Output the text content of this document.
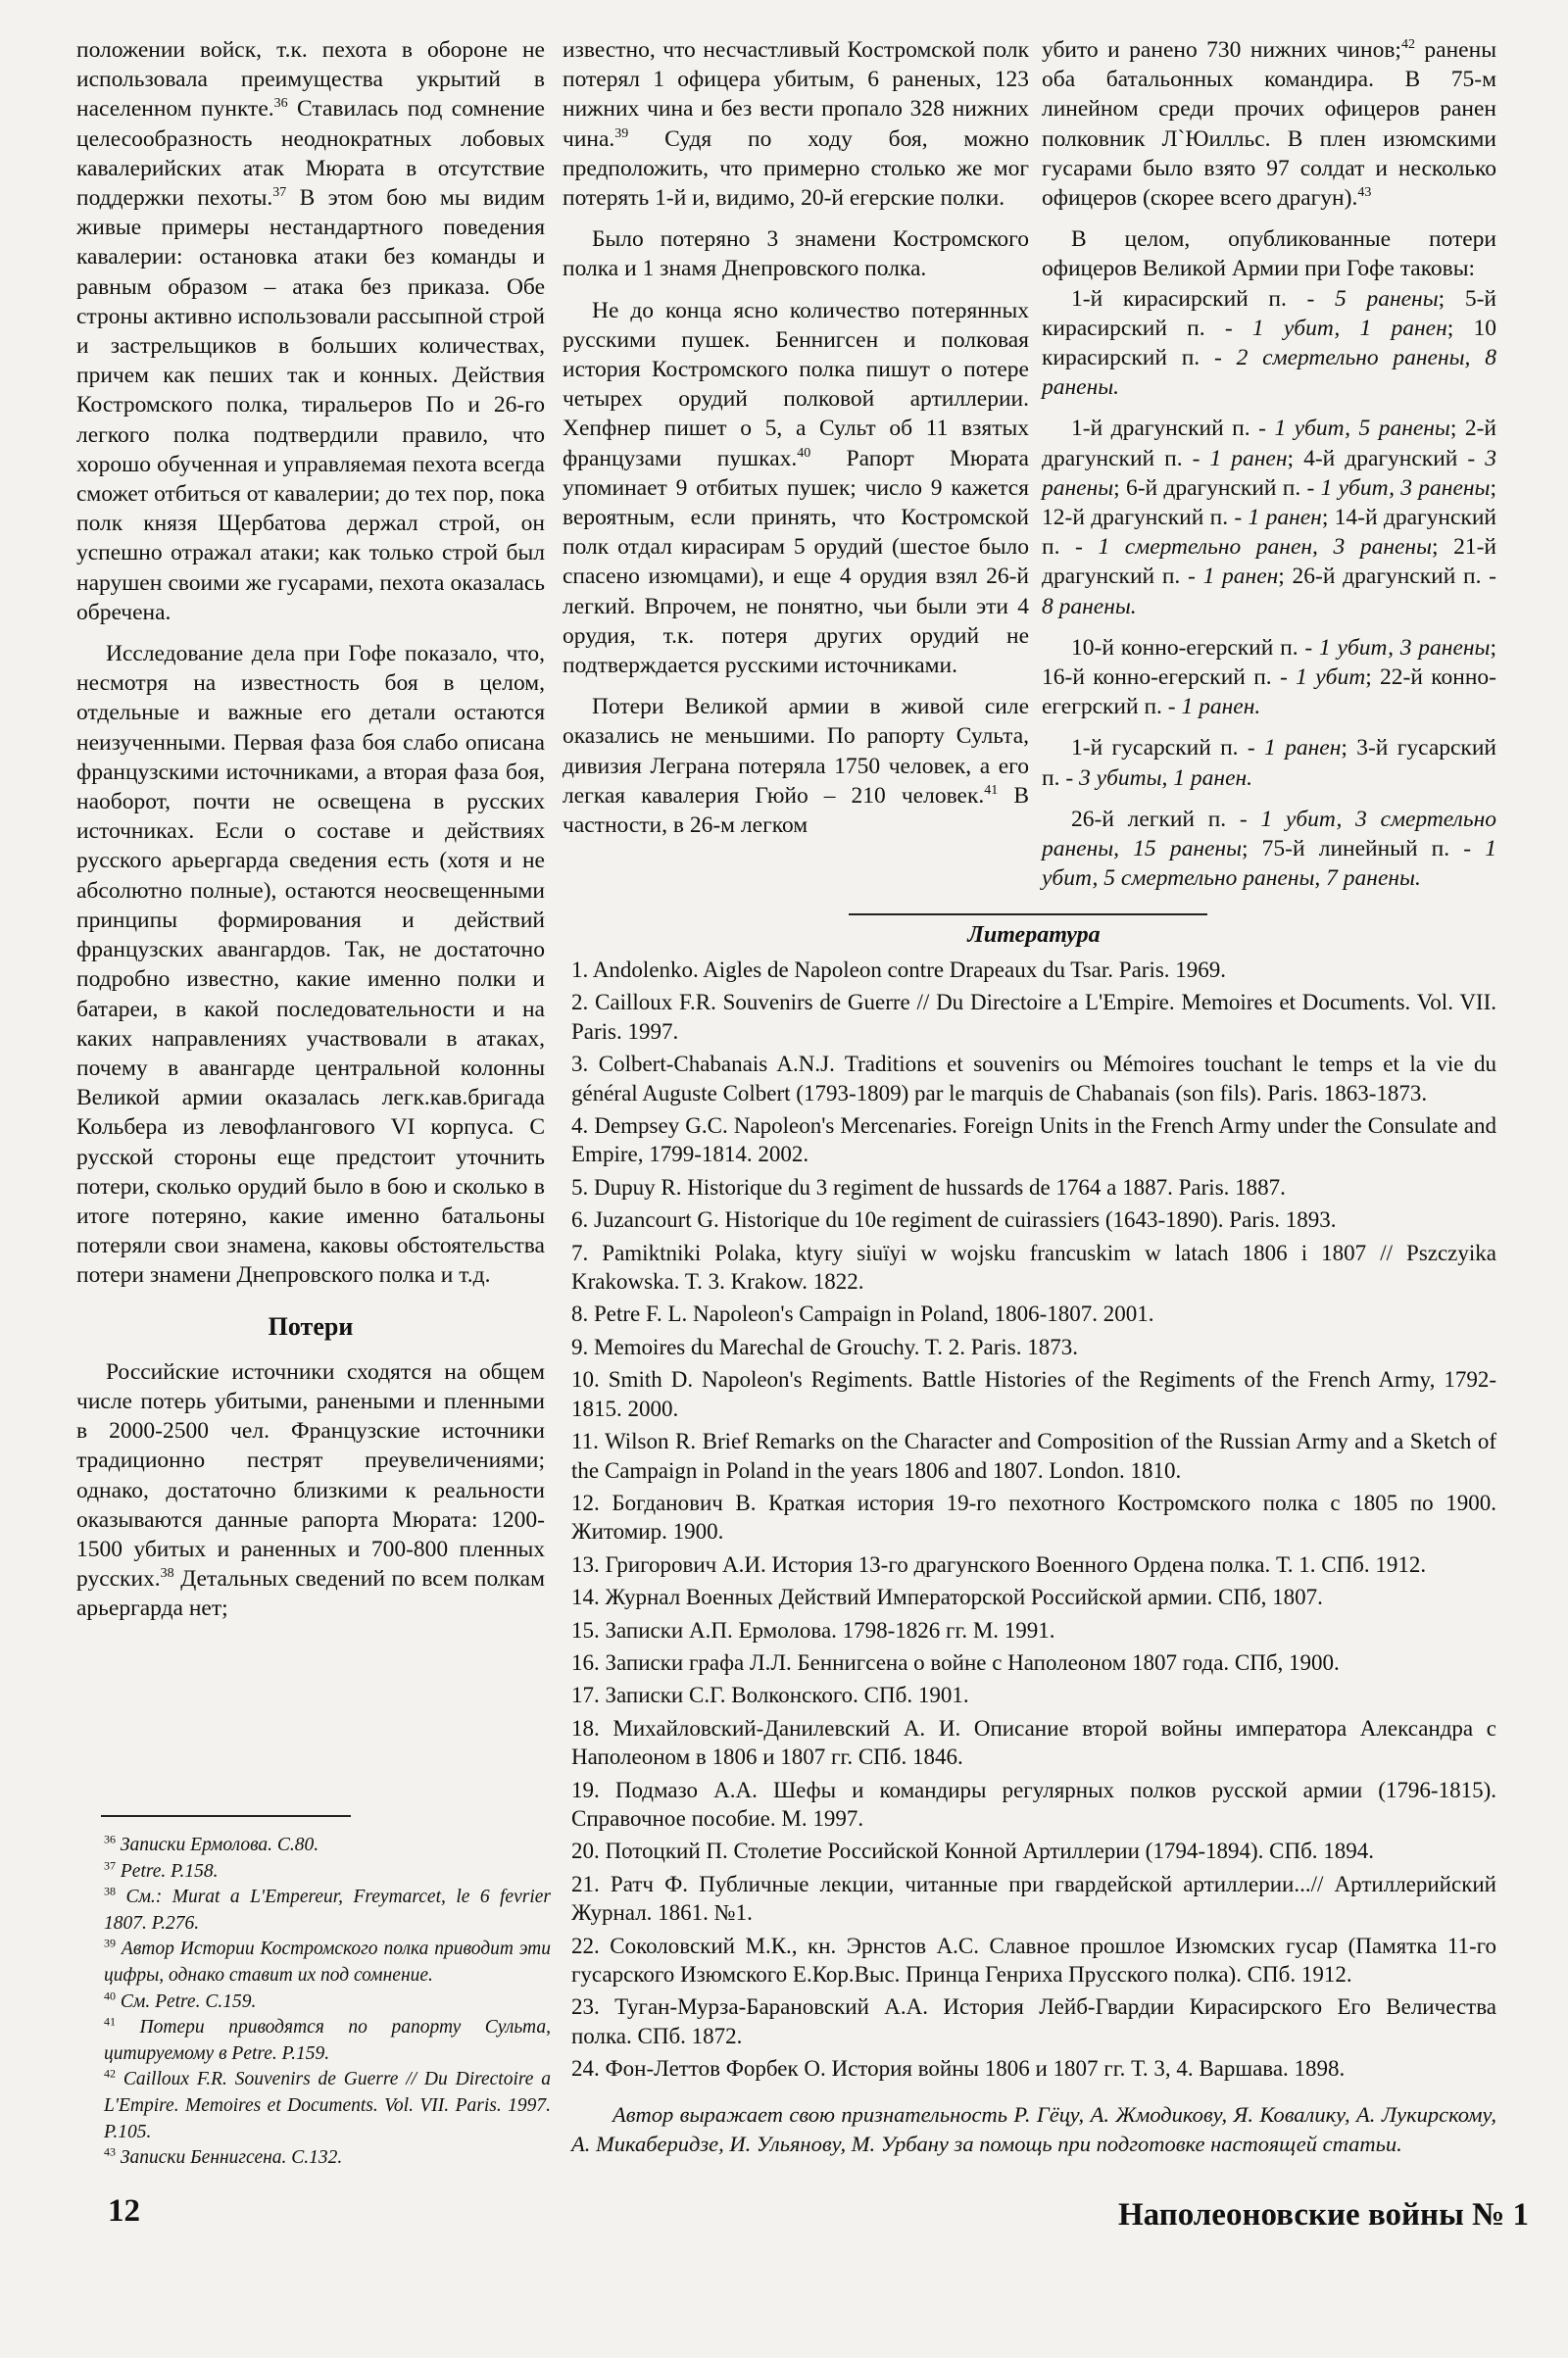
положении войск, т.к. пехота в обороне не использовала преимущества укрытий в населенном пункте.$^{36}$ Ставилась под сомнение целесообразность неоднократных лобовых кавалерийских атак Мюрата в отсутствие поддержки пехоты.$^{37}$ В этом бою мы видим живые примеры нестандартного поведения кавалерии: остановка атаки без команды и равным образом – атака без приказа. Обе строны активно использовали рассыпной строй и застрельщиков в больших количествах, причем как пеших так и конных. Действия Костромского полка, тиральеров По и 26-го легкого полка подтвердили правило, что хорошо обученная и управляемая пехота всегда сможет отбиться от кавалерии; до тех пор, пока полк князя Щербатова держал строй, он успешно отражал атаки; как только строй был нарушен своими же гусарами, пехота оказалась обречена.

Исследование дела при Гофе показало, что, несмотря на известность боя в целом, отдельные и важные его детали остаются неизученными. Первая фаза боя слабо описана французскими источниками, а вторая фаза боя, наоборот, почти не освещена в русских источниках. Если о составе и действиях русского арьергарда сведения есть (хотя и не абсолютно полные), остаются неосвещенными принципы формирования и действий французских авангардов. Так, не достаточно подробно известно, какие именно полки и батареи, в какой последовательности и на каких направлениях участвовали в атаках, почему в авангарде центральной колонны Великой армии оказалась легк.кав.бригада Кольбера из левофлангового VI корпуса. С русской стороны еще предстоит уточнить потери, сколько орудий было в бою и сколько в итоге потеряно, какие именно батальоны потеряли свои знамена, каковы обстоятельства потери знамени Днепровского полка и т.д.

Потери

Российские источники сходятся на общем числе потерь убитыми, ранеными и пленными в 2000-2500 чел. Французские источники традиционно пестрят преувеличениями; однако, достаточно близкими к реальности оказываются данные рапорта Мюрата: 1200-1500 убитых и раненных и 700-800 пленных русских.$^{38}$ Детальных сведений по всем полкам арьергарда нет;

известно, что несчастливый Костромской полк потерял 1 офицера убитым, 6 раненых, 123 нижних чина и без вести пропало 328 нижних чина.$^{39}$ Судя по ходу боя, можно предположить, что примерно столько же мог потерять 1-й и, видимо, 20-й егерские полки.

Было потеряно 3 знамени Костромского полка и 1 знамя Днепровского полка.

Не до конца ясно количество потерянных русскими пушек. Беннигсен и полковая история Костромского полка пишут о потере четырех орудий полковой артиллерии. Хепфнер пишет о 5, а Сульт об 11 взятых французами пушках.$^{40}$ Рапорт Мюрата упоминает 9 отбитых пушек; число 9 кажется вероятным, если принять, что Костромской полк отдал кирасирам 5 орудий (шестое было спасено изюмцами), и еще 4 орудия взял 26-й легкий. Впрочем, не понятно, чьи были эти 4 орудия, т.к. потеря других орудий не подтверждается русскими источниками.

Потери Великой армии в живой силе оказались не меньшими. По рапорту Сульта, дивизия Леграна потеряла 1750 человек, а его легкая кавалерия Гюйо – 210 человек.$^{41}$ В частности, в 26-м легком

убито и ранено 730 нижних чинов;$^{42}$ ранены оба батальонных командира. В 75-м линейном среди прочих офицеров ранен полковник Л`Юилльс. В плен изюмскими гусарами было взято 97 солдат и несколько офицеров (скорее всего драгун).$^{43}$

В целом, опубликованные потери офицеров Великой Армии при Гофе таковы:

1-й кирасирский п. - 5 ранены; 5-й кирасирский п. - 1 убит, 1 ранен; 10 кирасирский п. - 2 смертельно ранены, 8 ранены.

1-й драгунский п. - 1 убит, 5 ранены; 2-й драгунский п. - 1 ранен; 4-й драгунский - 3 ранены; 6-й драгунский п. - 1 убит, 3 ранены; 12-й драгунский п. - 1 ранен; 14-й драгунский п. - 1 смертельно ранен, 3 ранены; 21-й драгунский п. - 1 ранен; 26-й драгунский п. - 8 ранены.

10-й конно-егерский п. - 1 убит, 3 ранены; 16-й конно-егерский п. - 1 убит; 22-й конно-егегрский п. - 1 ранен.

1-й гусарский п. - 1 ранен; 3-й гусарский п. - 3 убиты, 1 ранен.

26-й легкий п. - 1 убит, 3 смертельно ранены, 15 ранены; 75-й линейный п. - 1 убит, 5 смертельно ранены, 7 ранены.

$^{36}$ Записки Ермолова. С.80.

$^{37}$ Petre. P.158.

$^{38}$ См.: Murat a L'Empereur, Freymarcet, le 6 fevrier 1807. P.276.

$^{39}$ Автор Истории Костромского полка приводит эти цифры, однако ставит их под сомнение.

$^{40}$ См. Petre. С.159.

$^{41}$ Потери приводятся по рапорту Сульта, цитируемому в Petre. P.159.

$^{42}$ Cailloux F.R. Souvenirs de Guerre // Du Directoire a L'Empire. Memoires et Documents. Vol. VII. Paris. 1997. P.105.

$^{43}$ Записки Беннигсена. С.132.

Литература

1. Andolenko. Aigles de Napoleon contre Drapeaux du Tsar. Paris. 1969.

2. Cailloux F.R. Souvenirs de Guerre // Du Directoire a L'Empire. Memoires et Documents. Vol. VII. Paris. 1997.

3. Colbert-Chabanais A.N.J. Traditions et souvenirs ou Mémoires touchant le temps et la vie du général Auguste Colbert (1793-1809) par le marquis de Chabanais (son fils). Paris. 1863-1873.

4. Dempsey G.C. Napoleon's Mercenaries. Foreign Units in the French Army under the Consulate and Empire, 1799-1814. 2002.

5. Dupuy R. Historique du 3 regiment de hussards de 1764 a 1887. Paris. 1887.

6. Juzancourt G. Historique du 10e regiment de cuirassiers (1643-1890). Paris. 1893.

7. Pamiktniki Polaka, ktyry siuїyi w wojsku francuskim w latach 1806 i 1807 // Pszczyika Krakowska. T. 3. Krakow. 1822.

8. Petre F. L. Napoleon's Campaign in Poland, 1806-1807. 2001.

9. Memoires du Marechal de Grouchy. T. 2. Paris. 1873.

10. Smith D. Napoleon's Regiments. Battle Histories of the Regiments of the French Army, 1792-1815. 2000.

11. Wilson R. Brief Remarks on the Character and Composition of the Russian Army and a Sketch of the Campaign in Poland in the years 1806 and 1807. London. 1810.

12. Богданович В. Краткая история 19-го пехотного Костромского полка с 1805 по 1900. Житомир. 1900.

13. Григорович А.И. История 13-го драгунского Военного Ордена полка. Т. 1. СПб. 1912.

14. Журнал Военных Действий Императорской Российской армии. СПб, 1807.

15. Записки А.П. Ермолова. 1798-1826 гг. М. 1991.

16. Записки графа Л.Л. Беннигсена о войне с Наполеоном 1807 года. СПб, 1900.

17. Записки С.Г. Волконского. СПб. 1901.

18. Михайловский-Данилевский А. И. Описание второй войны императора Александра с Наполеоном в 1806 и 1807 гг. СПб. 1846.

19. Подмазо А.А. Шефы и командиры регулярных полков русской армии (1796-1815). Справочное пособие. М. 1997.

20. Потоцкий П. Столетие Российской Конной Артиллерии (1794-1894). СПб. 1894.

21. Ратч Ф. Публичные лекции, читанные при гвардейской артиллерии...// Артиллерийский Журнал. 1861. №1.

22. Соколовский М.К., кн. Эрнстов А.С. Славное прошлое Изюмских гусар (Памятка 11-го гусарского Изюмского Е.Кор.Выс. Принца Генриха Прусского полка). СПб. 1912.

23. Туган-Мурза-Барановский А.А. История Лейб-Гвардии Кирасирского Его Величества полка. СПб. 1872.

24. Фон-Леттов Форбек О. История войны 1806 и 1807 гг. Т. 3, 4. Варшава. 1898.

Автор выражает свою признательность Р. Гёцу, А. Жмодикову, Я. Ковалику, А. Лукирскому, А. Микаберидзе, И. Ульянову, М. Урбану за помощь при подготовке настоящей статьи.
12	Наполеоновские войны № 1
